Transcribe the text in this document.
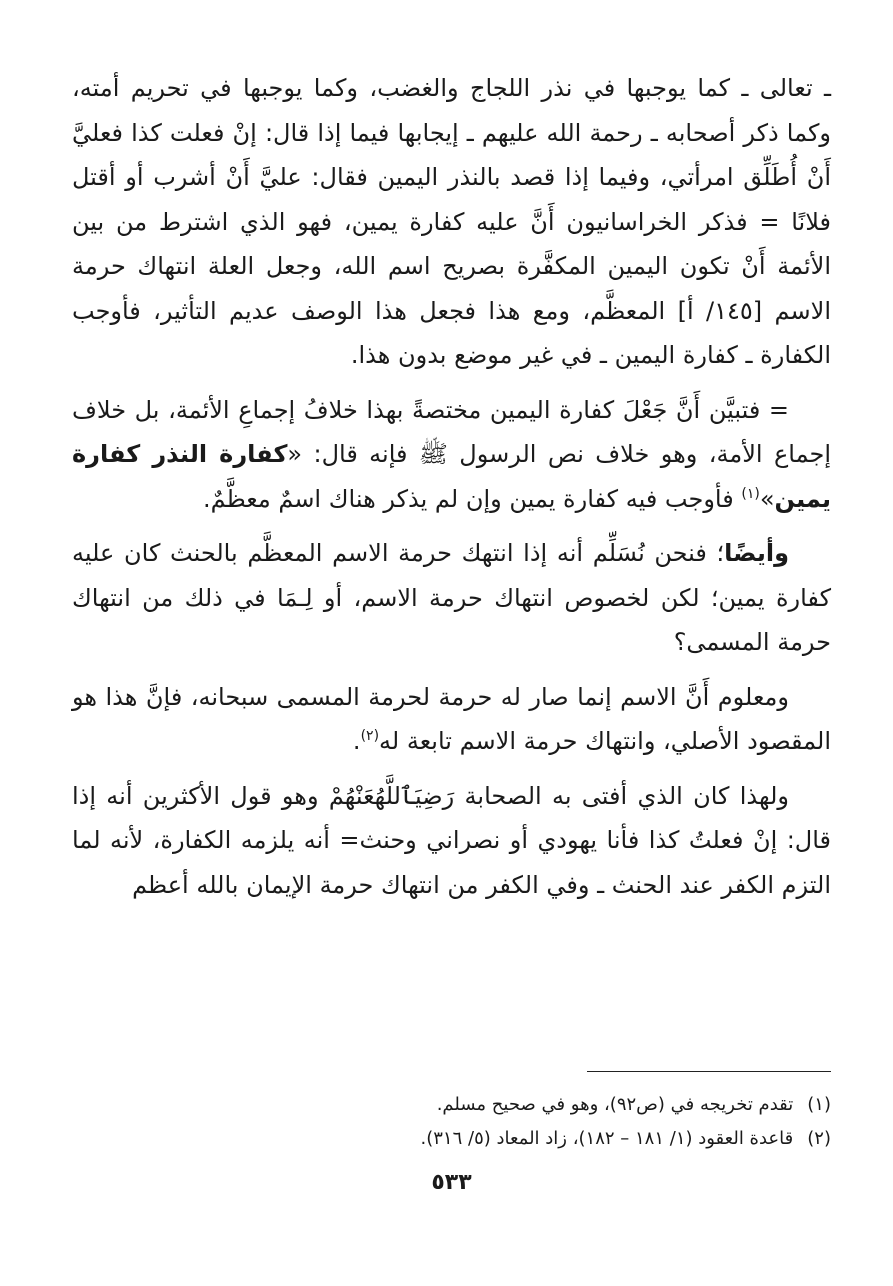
ـ تعالى ـ كما يوجبها في نذر اللجاج والغضب، وكما يوجبها في تحريم أمته، وكما ذكر أصحابه ـ رحمة الله عليهم ـ إيجابها فيما إذا قال: إنْ فعلت كذا فعليَّ أَنْ أُطَلِّق امرأتي، وفيما إذا قصد بالنذر اليمين فقال: عليَّ أَنْ أشرب أو أقتل فلانًا = فذكر الخراسانيون أَنَّ عليه كفارة يمين، فهو الذي اشترط من بين الأئمة أَنْ تكون اليمين المكفَّرة بصريح اسم الله، وجعل العلة انتهاك حرمة الاسم [١٤٥/ أ] المعظَّم، ومع هذا فجعل هذا الوصف عديم التأثير، فأوجب الكفارة ـ كفارة اليمين ـ في غير موضع بدون هذا.

= فتبيَّن أَنَّ جَعْلَ كفارة اليمين مختصةً بهذا خلافُ إجماعِ الأئمة، بل خلاف إجماع الأمة، وهو خلاف نص الرسول ﷺ فإنه قال: «كفارة النذر كفارة يمين»$^{(١)}$ فأوجب فيه كفارة يمين وإن لم يذكر هناك اسمٌ معظَّمٌ.

وأيضًا؛ فنحن نُسَلِّم أنه إذا انتهك حرمة الاسم المعظَّم بالحنث كان عليه كفارة يمين؛ لكن لخصوص انتهاك حرمة الاسم، أو لِـمَا في ذلك من انتهاك حرمة المسمى؟

ومعلوم أَنَّ الاسم إنما صار له حرمة لحرمة المسمى سبحانه، فإنَّ هذا هو المقصود الأصلي، وانتهاك حرمة الاسم تابعة له$^{(٢)}$.

ولهذا كان الذي أفتى به الصحابة رَضِيَٱللَّهُعَنْهُمْ وهو قول الأكثرين أنه إذا قال: إنْ فعلتُ كذا فأنا يهودي أو نصراني وحنث= أنه يلزمه الكفارة، لأنه لما التزم الكفر عند الحنث ـ وفي الكفر من انتهاك حرمة الإيمان بالله أعظم

(١)تقدم تخريجه في (ص٩٢)، وهو في صحيح مسلم.

(٢)قاعدة العقود (١/ ١٨١ – ١٨٢)، زاد المعاد (٥/ ٣١٦).

٥٣٣
